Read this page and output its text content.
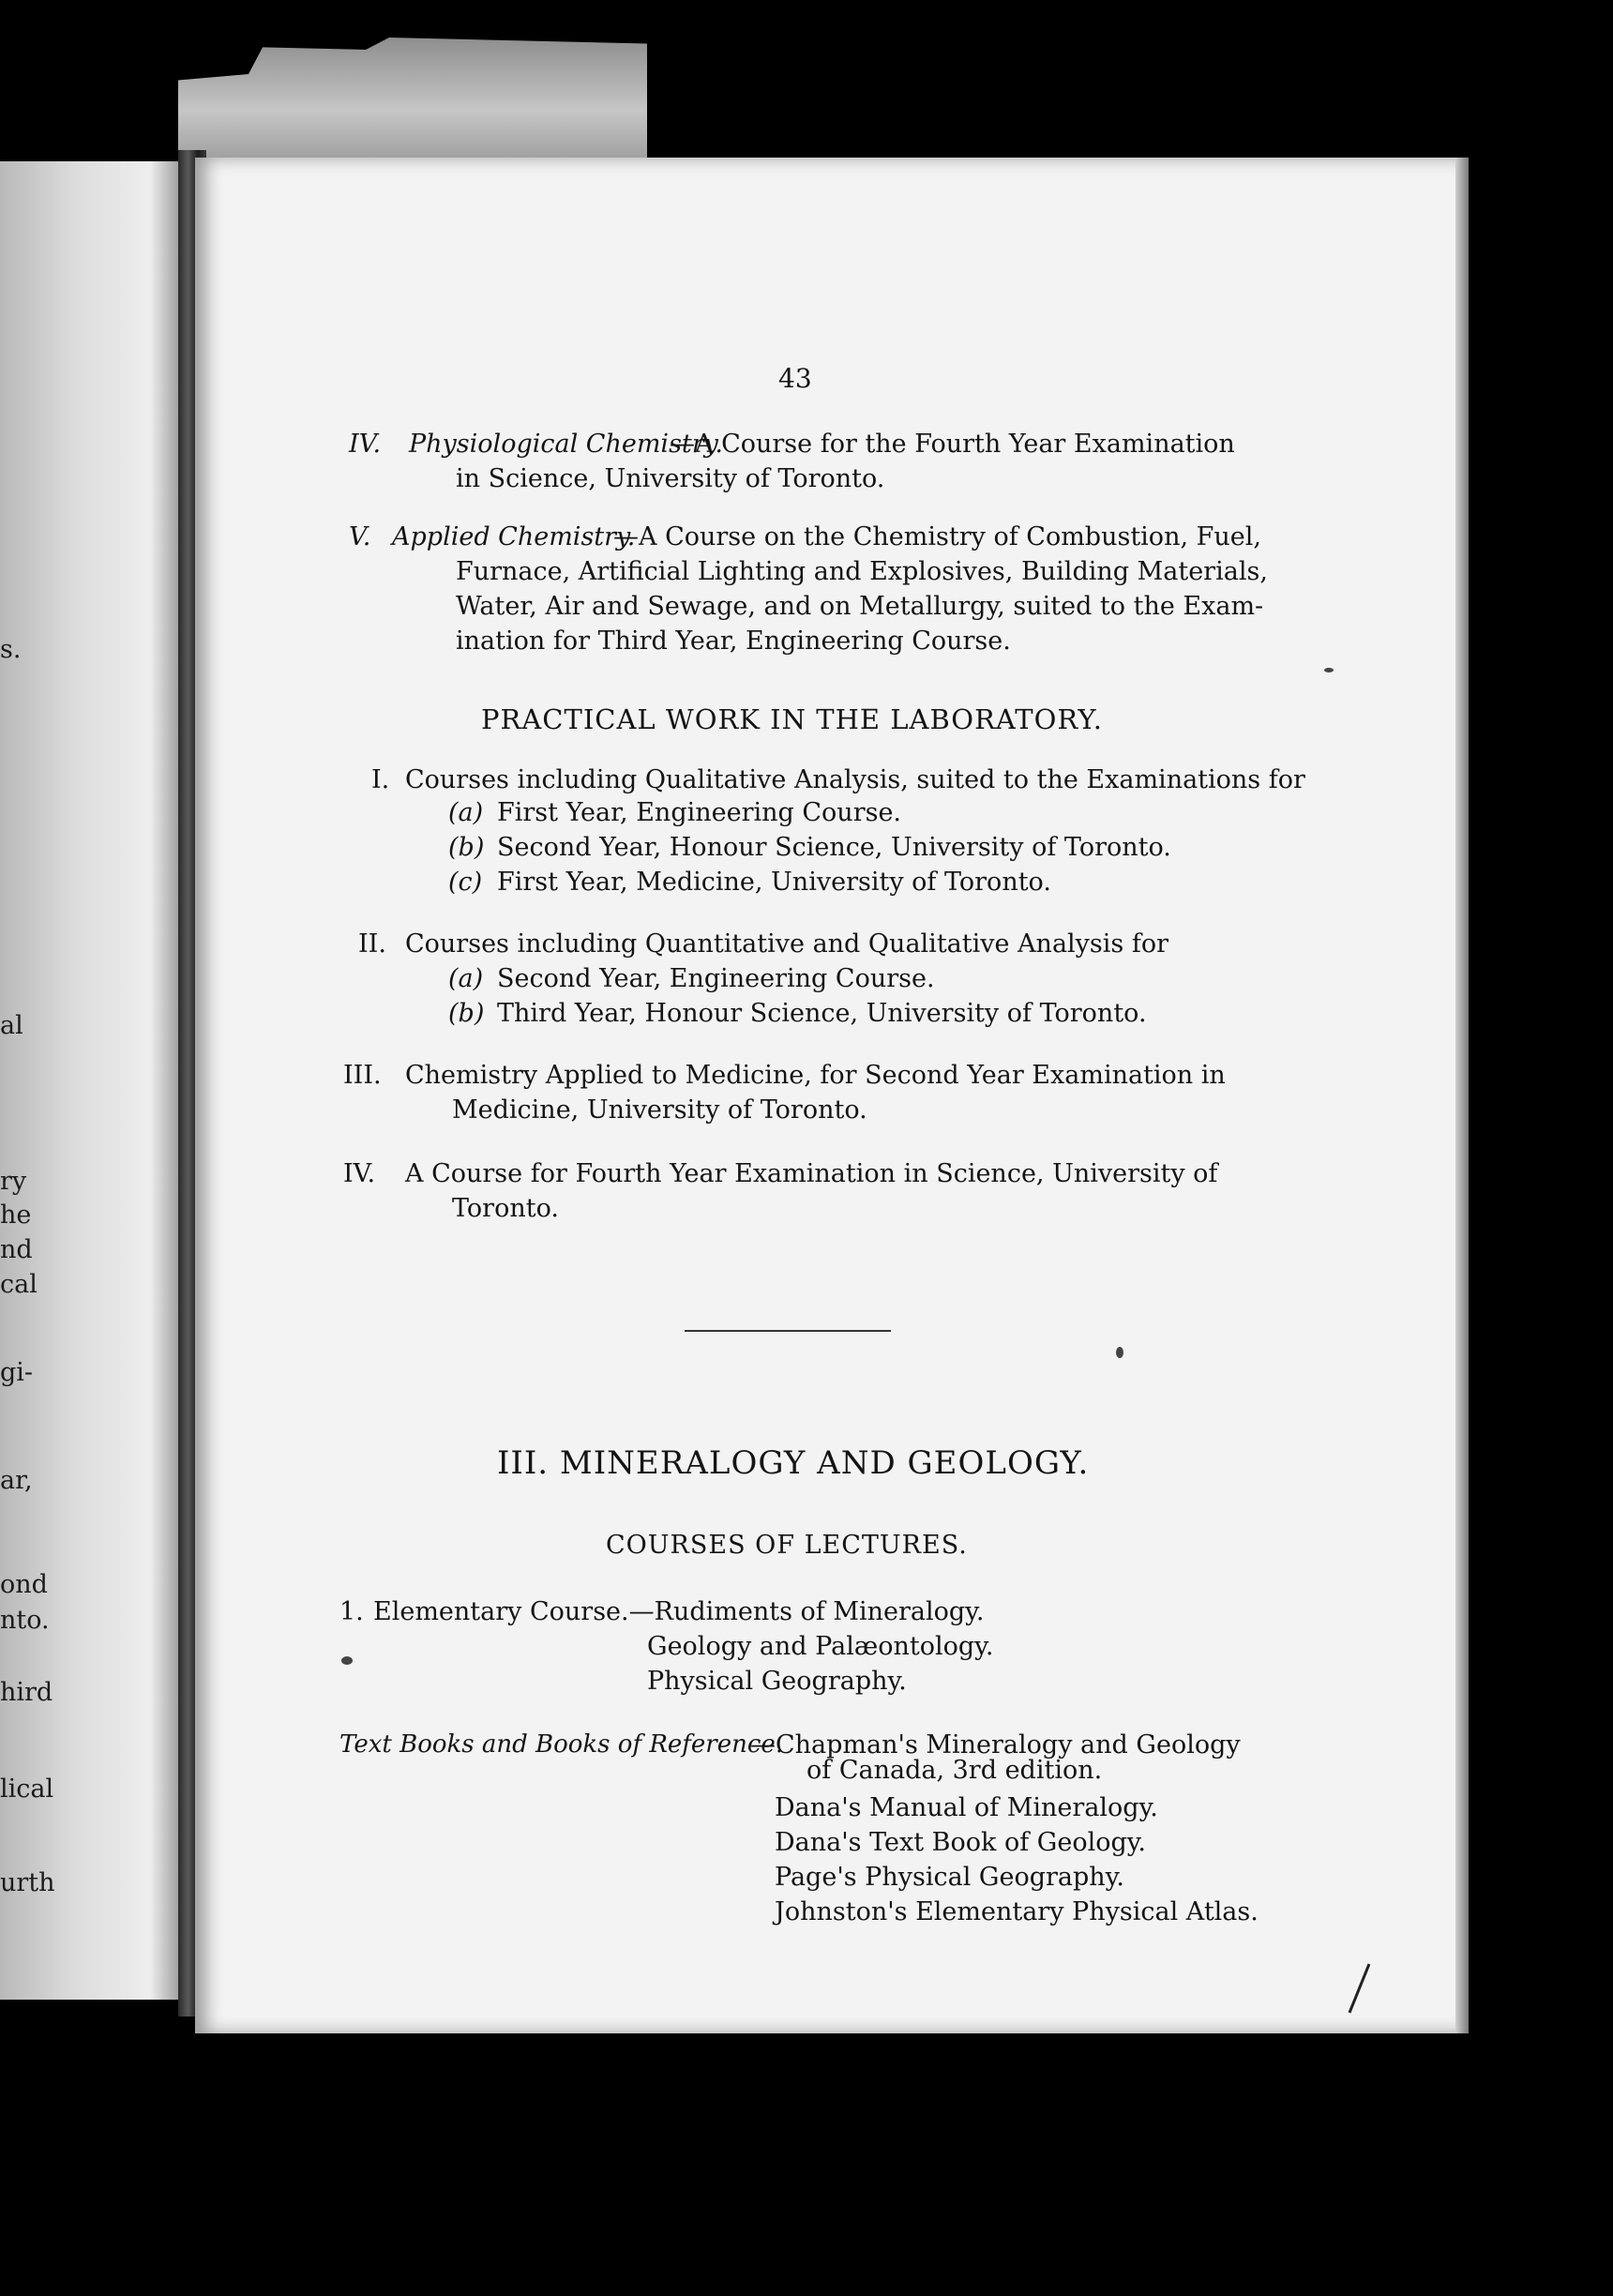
s.
al
ry
he
nd
cal
gi-
ar,
ond
nto.
hird
lical
urth
43
IV. Physiological Chemistry.
—A Course for the Fourth Year Examination
in Science, University of Toronto.
V. Applied Chemistry.
—A Course on the Chemistry of Combustion, Fuel,
Furnace, Artificial Lighting and Explosives, Building Materials,
Water, Air and Sewage, and on Metallurgy, suited to the Exam-
ination for Third Year, Engineering Course.
PRACTICAL WORK IN THE LABORATORY.
I. Courses including Qualitative Analysis, suited to the Examinations for
(a) First Year, Engineering Course.
(b) Second Year, Honour Science, University of Toronto.
(c) First Year, Medicine, University of Toronto.
II. Courses including Quantitative and Qualitative Analysis for
(a) Second Year, Engineering Course.
(b) Third Year, Honour Science, University of Toronto.
III. Chemistry Applied to Medicine, for Second Year Examination in
Medicine, University of Toronto.
IV. A Course for Fourth Year Examination in Science, University of
Toronto.
III. MINERALOGY AND GEOLOGY.
COURSES OF LECTURES.
1. Elementary Course.—Rudiments of Mineralogy.
Geology and Palæontology.
Physical Geography.
Text Books and Books of Reference.
—Chapman's Mineralogy and Geology
of Canada, 3rd edition.
Dana's Manual of Mineralogy.
Dana's Text Book of Geology.
Page's Physical Geography.
Johnston's Elementary Physical Atlas.
